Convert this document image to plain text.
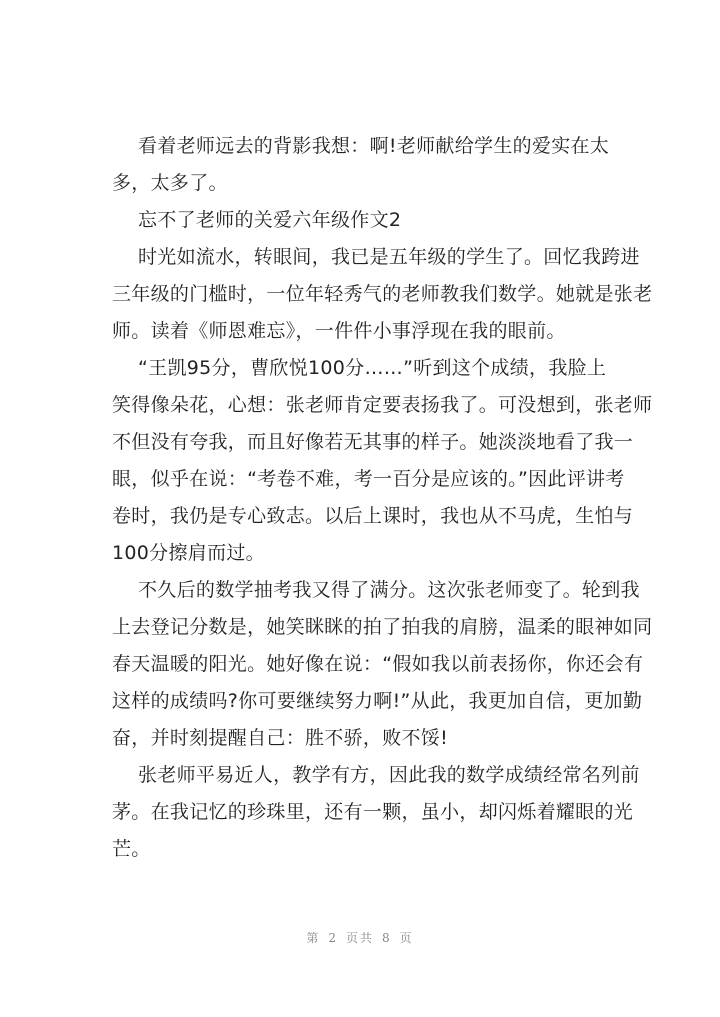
看着老师远去的背影我想：啊!老师献给学生的爱实在太
多，太多了。
忘不了老师的关爱六年级作文2
时光如流水，转眼间，我已是五年级的学生了。回忆我跨进
三年级的门槛时，一位年轻秀气的老师教我们数学。她就是张老
师。读着《师恩难忘》，一件件小事浮现在我的眼前。
“王凯95分，曹欣悦100分……”听到这个成绩，我脸上
笑得像朵花，心想：张老师肯定要表扬我了。可没想到，张老师
不但没有夸我，而且好像若无其事的样子。她淡淡地看了我一
眼，似乎在说：“考卷不难，考一百分是应该的。”因此评讲考
卷时，我仍是专心致志。以后上课时，我也从不马虎，生怕与
100分擦肩而过。
不久后的数学抽考我又得了满分。这次张老师变了。轮到我
上去登记分数是，她笑眯眯的拍了拍我的肩膀，温柔的眼神如同
春天温暖的阳光。她好像在说：“假如我以前表扬你，你还会有
这样的成绩吗?你可要继续努力啊!”从此，我更加自信，更加勤
奋，并时刻提醒自己：胜不骄，败不馁!
张老师平易近人，教学有方，因此我的数学成绩经常名列前
茅。在我记忆的珍珠里，还有一颗，虽小，却闪烁着耀眼的光
芒。
第 2 页共 8 页
